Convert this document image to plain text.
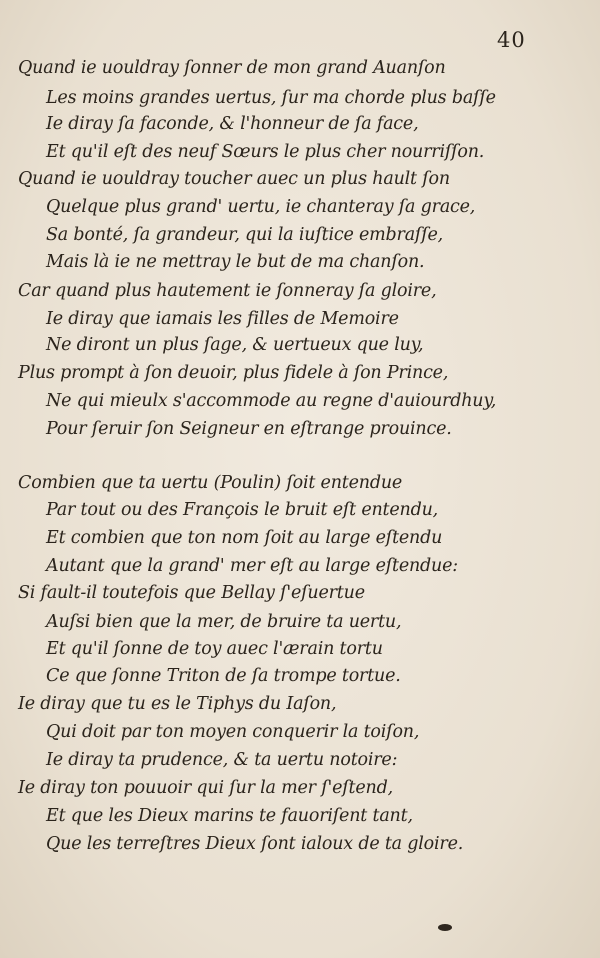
40
Quand ie uouldray ſonner de mon grand Auanſon
Les moins grandes uertus, ſur ma chorde plus baſſe
Ie diray ſa faconde, & l'honneur de ſa face,
Et qu'il eſt des neuf Sœurs le plus cher nourriſſon.
Quand ie uouldray toucher auec un plus hault ſon
Quelque plus grand' uertu, ie chanteray ſa grace,
Sa bonté, ſa grandeur, qui la iuſtice embraſſe,
Mais là ie ne mettray le but de ma chanſon.
Car quand plus hautement ie ſonneray ſa gloire,
Ie diray que iamais les filles de Memoire
Ne diront un plus ſage, & uertueux que luy,
Plus prompt à ſon deuoir, plus fidele à ſon Prince,
Ne qui mieulx s'accommode au regne d'auiourdhuy,
Pour ſeruir ſon Seigneur en eſtrange prouince.
Combien que ta uertu (Poulin) ſoit entendue
Par tout ou des François le bruit eſt entendu,
Et combien que ton nom ſoit au large eſtendu
Autant que la grand' mer eſt au large eſtendue:
Si fault-il toutefois que Bellay ſ'eſuertue
Auſsi bien que la mer, de bruire ta uertu,
Et qu'il ſonne de toy auec l'ærain tortu
Ce que ſonne Triton de ſa trompe tortue.
Ie diray que tu es le Tiphys du Iaſon,
Qui doit par ton moyen conquerir la toiſon,
Ie diray ta prudence, & ta uertu notoire:
Ie diray ton pouuoir qui ſur la mer ſ'eſtend,
Et que les Dieux marins te fauoriſent tant,
Que les terreſtres Dieux ſont ialoux de ta gloire.
